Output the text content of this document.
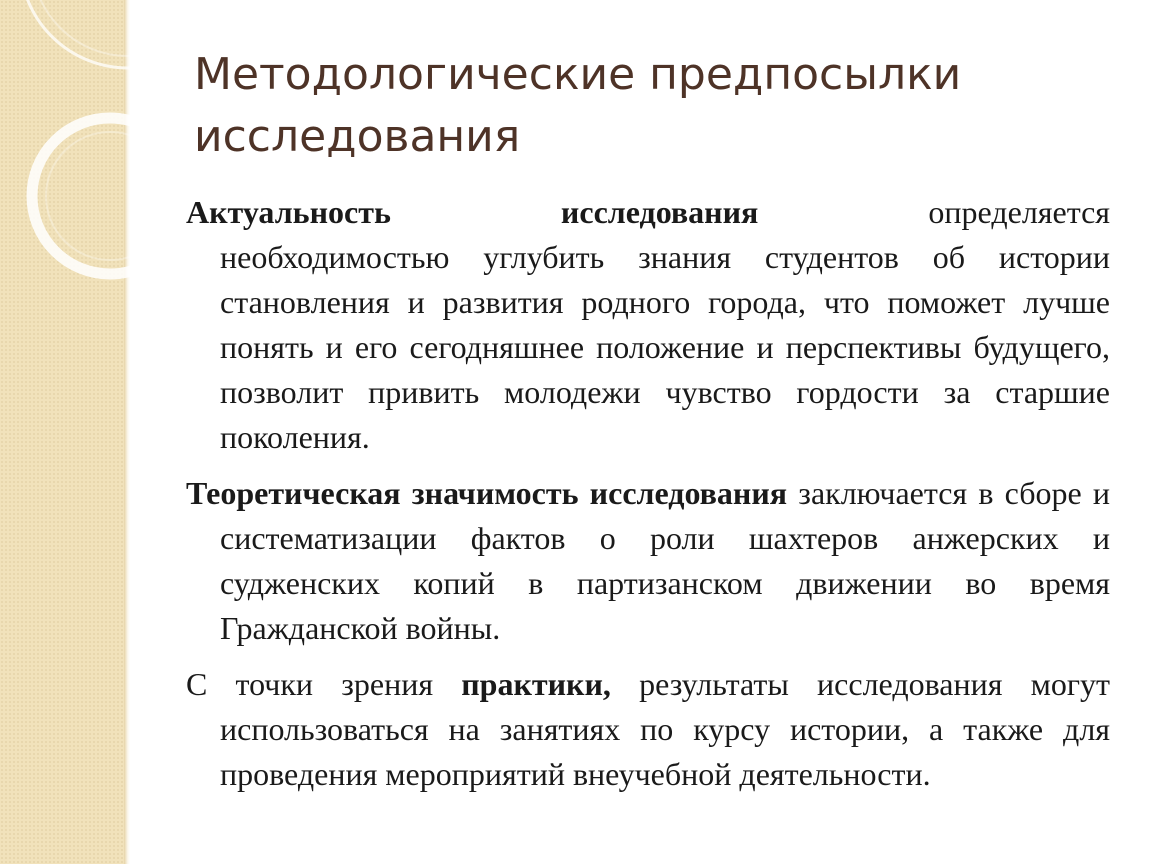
Методологические предпосылки
исследования

Актуальность	исследования	определяется
необходимостью углубить знания студентов об истории становления и развития родного города, что поможет лучше понять и его сегодняшнее положение и перспективы будущего, позволит привить молодежи чувство гордости за старшие поколения.

Теоретическая значимость исследования заключается в сборе и систематизации фактов о роли шахтеров анжерских и судженских копий в партизанском движении во время Гражданской войны.

С точки зрения практики, результаты исследования могут использоваться на занятиях по курсу истории, а также для проведения мероприятий внеучебной деятельности.
